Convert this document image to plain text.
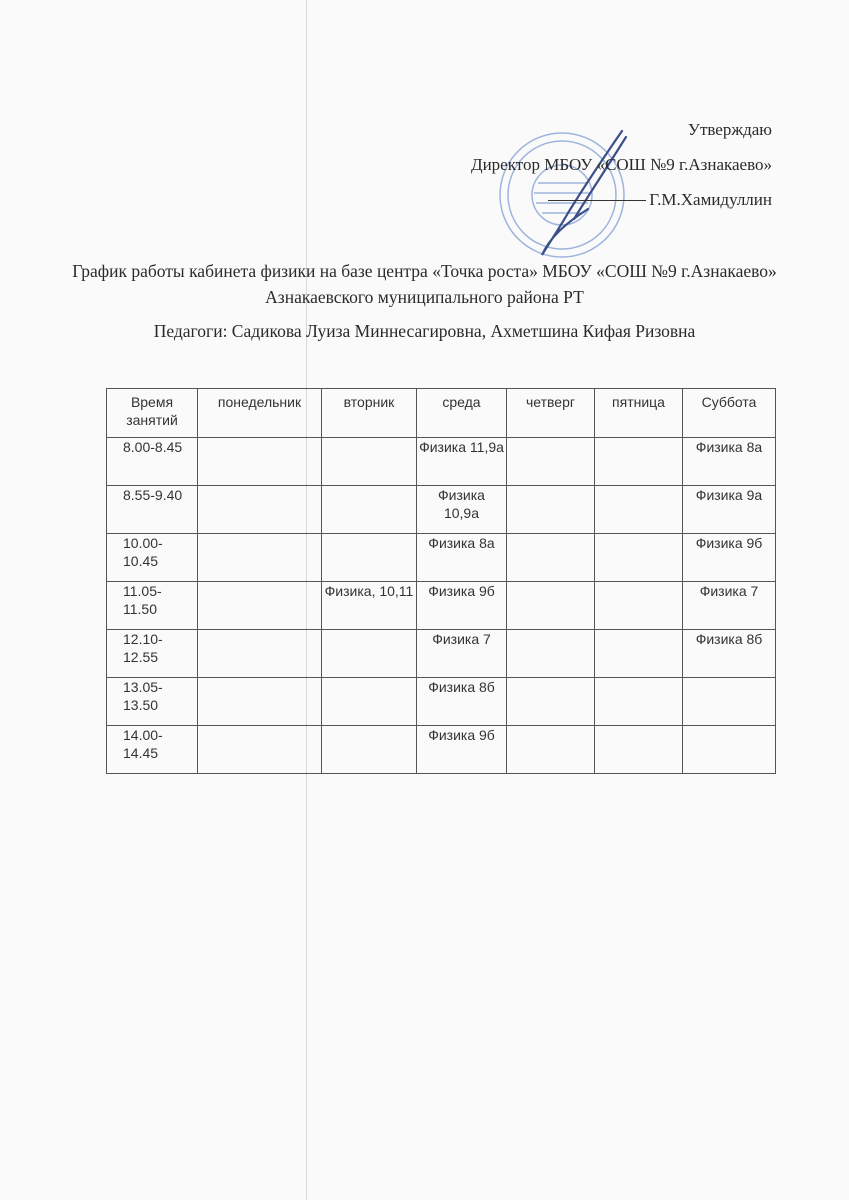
Утверждаю
Директор МБОУ «СОШ №9 г.Азнакаево»
Г.М.Хамидуллин
График работы кабинета физики на базе центра «Точка роста» МБОУ «СОШ №9 г.Азнакаево» Азнакаевского муниципального района РТ
Педагоги: Садикова Луиза Миннесагировна, Ахметшина Кифая Ризовна
Время занятий	понедельник	вторник	среда	четверг	пятница	Суббота
8.00-8.45			Физика 11,9а			Физика 8а
8.55-9.40			Физика 10,9а			Физика 9а
10.00-10.45			Физика 8а			Физика 9б
11.05-11.50		Физика, 10,11	Физика 9б			Физика 7
12.10-12.55			Физика 7			Физика 8б
13.05-13.50			Физика 8б			
14.00-14.45			Физика 9б			
